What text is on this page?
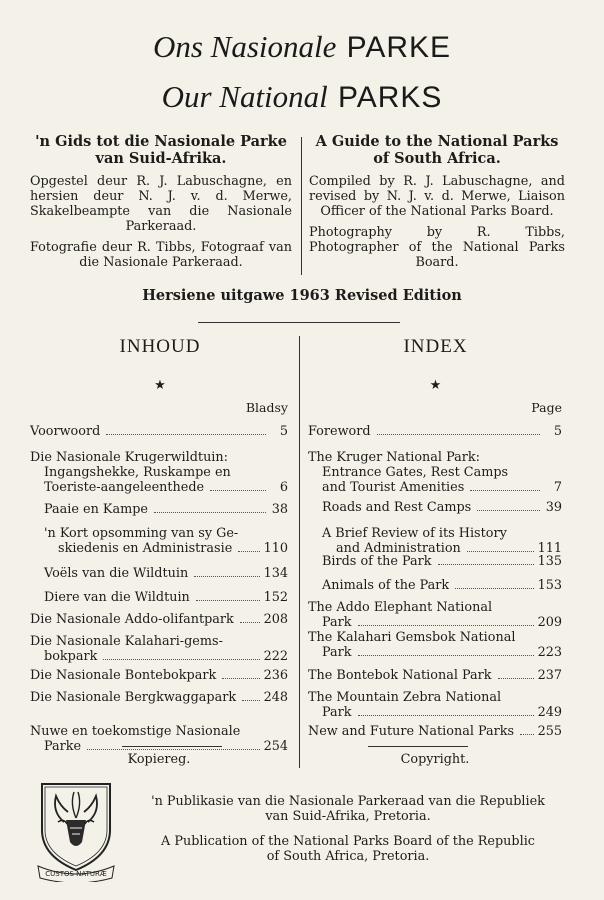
Ons Nasionale PARKE
Our National PARKS
'n Gids tot die Nasionale Parke
van Suid-Afrika.
Opgestel deur R. J. Labuschagne, en hersien deur N. J. v. d. Merwe, Skakelbeampte van die Nasionale Parkeraad.
Fotografie deur R. Tibbs, Fotograaf van die Nasionale Parkeraad.
A Guide to the National Parks
of South Africa.
Compiled by R. J. Labuschagne, and revised by N. J. v. d. Merwe, Liaison Officer of the National Parks Board.
Photography by R. Tibbs, Photographer of the National Parks Board.
Hersiene uitgawe 1963 Revised Edition
INHOUD	INDEX
★	★
Bladsy	Page
Voorwoord	5
Die Nasionale Krugerwildtuin:
Ingangshekke, Ruskampe en
Toeriste-aangeleenthede	6
Paaie en Kampe	38
'n Kort opsomming van sy Ge-
skiedenis en Administrasie 110
Voëls van die Wildtuin	134
Diere van die Wildtuin	152
Die Nasionale Addo-olifantpark 208
Die Nasionale Kalahari-gems-
bokpark	222
Die Nasionale Bontebokpark	236
Die Nasionale Bergkwaggapark 248
Nuwe en toekomstige Nasionale
Parke	254
Foreword	5
The Kruger National Park:
Entrance Gates, Rest Camps
and Tourist Amenities	7
Roads and Rest Camps	39
A Brief Review of its History
and Administration	111
Birds of the Park	135
Animals of the Park	153
The Addo Elephant National
Park	209
The Kalahari Gemsbok National
Park	223
The Bontebok National Park	237
The Mountain Zebra National
Park	249
New and Future National Parks 255
Kopiereg.	Copyright.
CUSTOS NATURÆ
'n Publikasie van die Nasionale Parkeraad van die Republiek
van Suid-Afrika, Pretoria.
A Publication of the National Parks Board of the Republic
of South Africa, Pretoria.
